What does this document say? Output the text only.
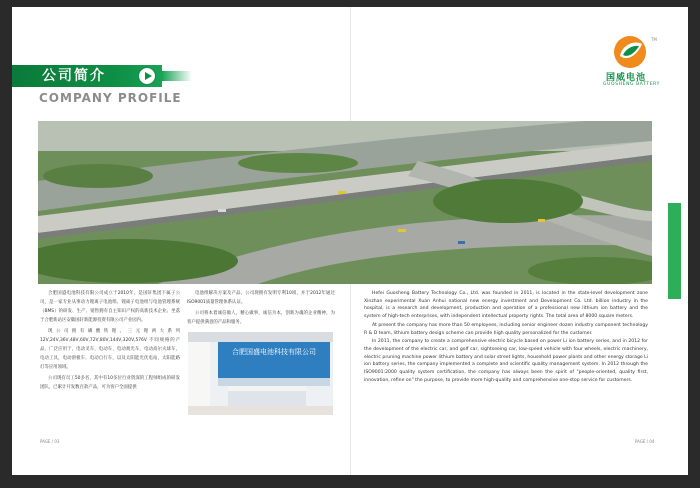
公司简介
COMPANY PROFILE
TM
国威电池
GUOSHENG BATTERY

合肥国盛电池科技有限公司成立于2010年，是国轩集团下属子公司，是一家专业从事动力锂离子电池组、锂离子电池组与电池管理系统（BMS）的研发、生产、销售拥有自主知识产权的高新技术企业。坐落于合肥新站区安徽国轩新能源投资有限公司产业园内。

现公司拥有磷酸铁锂、三元锂两大系列 12V,24V,36V,48V,60V,72V,80V,144V,320V,576V 不同规格的产品，广泛应用于，电动叉车，电动车，电动观光车，电动高尔夫球车，电动工具，电动滑板车，电动自行车，以及太阳能光伏电站，太阳能路灯等应用领域。

公司现有员工50多名，其中有10多位行业资深的工程师组成的研发团队，已累计开发数百款产品，可为客户全面提供

电池组解决方案及产品。公司现拥有发明专利10项，并于2012年通过ISO9001质量管理体系认证。

公司将本着诚信做人，精心做事，诚信为本，创新为魂的企业精神，为客户提供满意的产品和服务。

合肥国盛电池科技有限公司

Hefei Guosheng Battery Technology Co., Ltd. was founded in 2011, is located in the state-level development zone Xinzhan experimental Xuan Anhui national new energy investment and Development Co. Ltd. billion industry in the hospital, is a research and development, production and operation of a professional new lithium ion battery and the system of high-tech enterprises, with independent intellectual property rights. The total area of 8000 square meters.

At present the company has more than 50 employees, including senior engineer dozen industry component technology R & D team, lithium battery design scheme can provide high quality personalized for the customer.

In 2011, the company to create a comprehensive electric bicycle based on power Li ion battery series, and in 2012 for the development of the electric car, and golf car, sightseeing car, low-speed vehicle with four wheels, electric machinery, electric pruning machine power lithium battery and solar street lights, household power plants and other energy storage Li ion battery series, the company implemented a complete and scientific quality management system. In 2012 through the ISO9001:2000 quality system certification, the company has always been the spirit of "people-oriented, quality first, innovation, refine on" the purpose, to provide more high-quality and comprehensive one-stop service for customers.

PAGE / 03	PAGE / 04
WWW.***.COM
